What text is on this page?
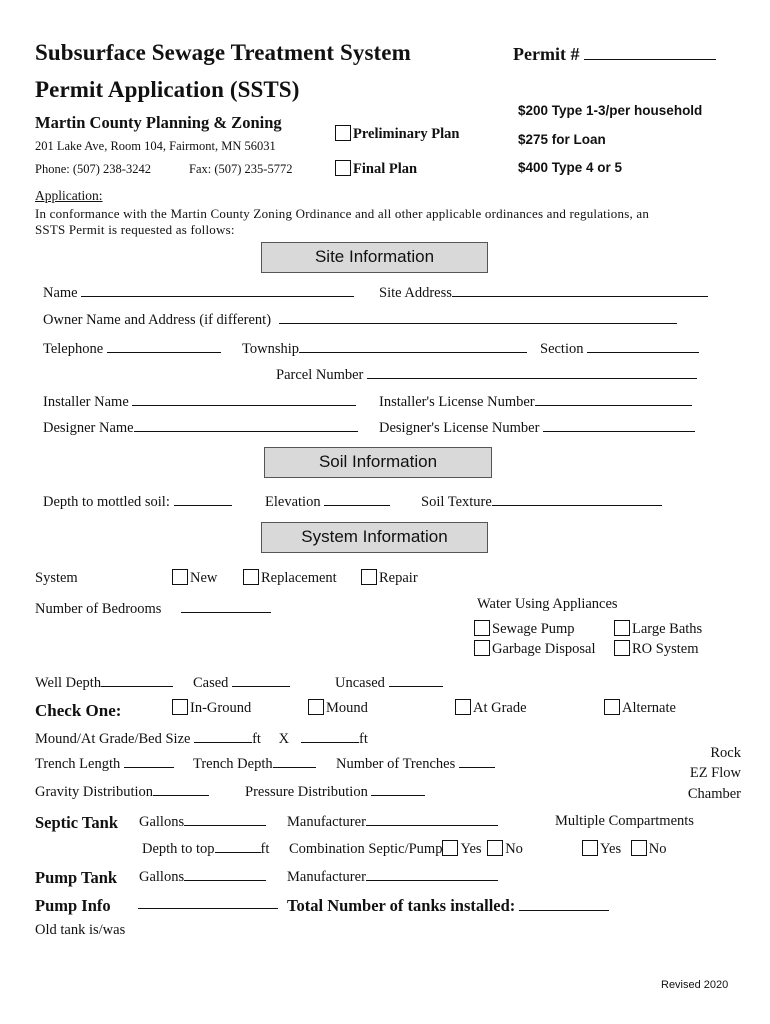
Subsurface Sewage Treatment System
Permit Application (SSTS)
Permit #
Martin County Planning & Zoning
201 Lake Ave, Room 104, Fairmont, MN 56031
Phone: (507) 238-3242	Fax: (507) 235-5772
Preliminary Plan
Final Plan
$200 Type 1-3/per household
$275 for Loan
$400 Type 4 or 5
Application:
In conformance with the Martin County Zoning Ordinance and all other applicable ordinances and regulations, an
SSTS Permit is requested as follows:
Site Information
Name	Site Address
Owner Name and Address (if different)
Telephone	Township	Section
Parcel Number
Installer Name	Installer's License Number
Designer Name	Designer's License Number
Soil Information
Depth to mottled soil:	Elevation	Soil Texture
System Information
System	New	Replacement	Repair
Number of Bedrooms	Water Using Appliances
Sewage Pump	Large Baths
Garbage Disposal	RO System
Well Depth	Cased	Uncased
Check One:	In-Ground	Mound	At Grade	Alternate
Mound/At Grade/Bed Size	ft X	ft
Trench Length	Trench Depth	Number of Trenches
Gravity Distribution	Pressure Distribution
Rock
EZ Flow
Chamber
Septic Tank Gallons	Manufacturer	Multiple Compartments
Depth to top	ft Combination Septic/Pump Yes No	Yes No
Pump Tank Gallons	Manufacturer
Pump Info	Total Number of tanks installed:
Old tank is/was
Revised 2020
